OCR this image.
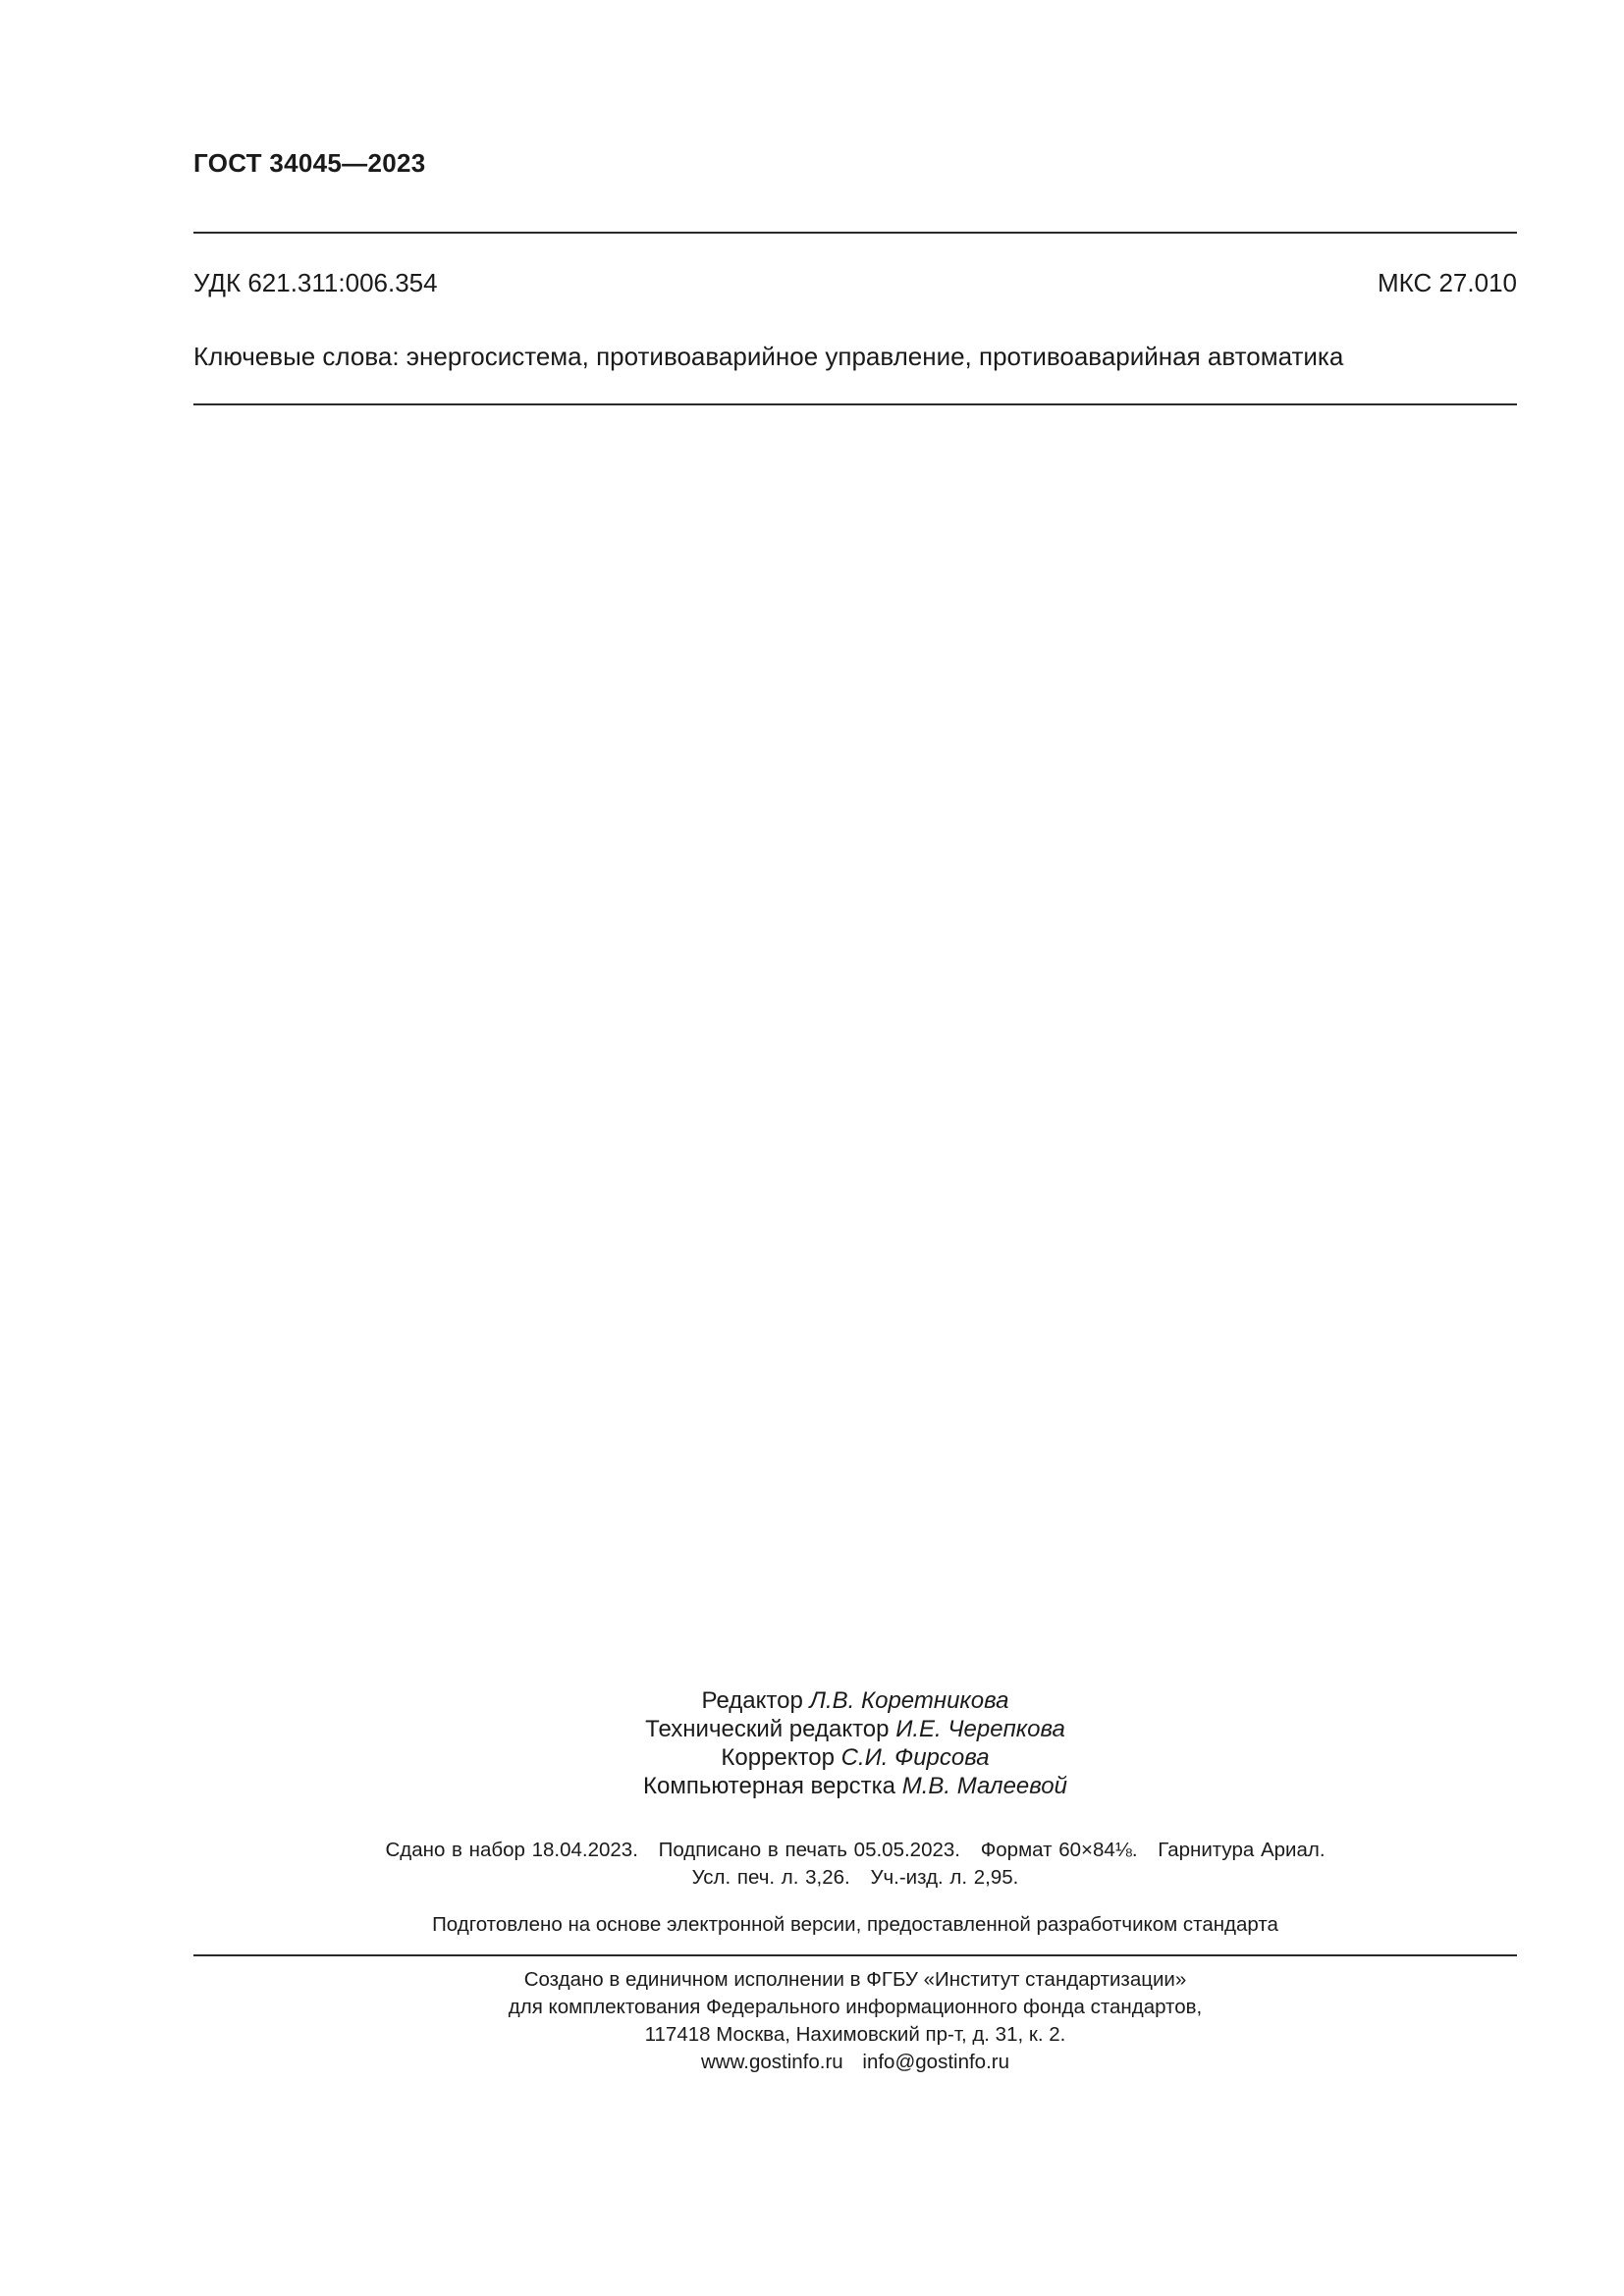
ГОСТ 34045—2023
УДК 621.311:006.354	МКС 27.010
Ключевые слова: энергосистема, противоаварийное управление, противоаварийная автоматика
Редактор Л.В. Коретникова
Технический редактор И.Е. Черепкова
Корректор С.И. Фирсова
Компьютерная верстка М.В. Малеевой
Сдано в набор 18.04.2023. Подписано в печать 05.05.2023. Формат 60×84⅛. Гарнитура Ариал.
Усл. печ. л. 3,26. Уч.-изд. л. 2,95.
Подготовлено на основе электронной версии, предоставленной разработчиком стандарта
Создано в единичном исполнении в ФГБУ «Институт стандартизации»
для комплектования Федерального информационного фонда стандартов,
117418 Москва, Нахимовский пр-т, д. 31, к. 2.
www.gostinfo.ru info@gostinfo.ru
